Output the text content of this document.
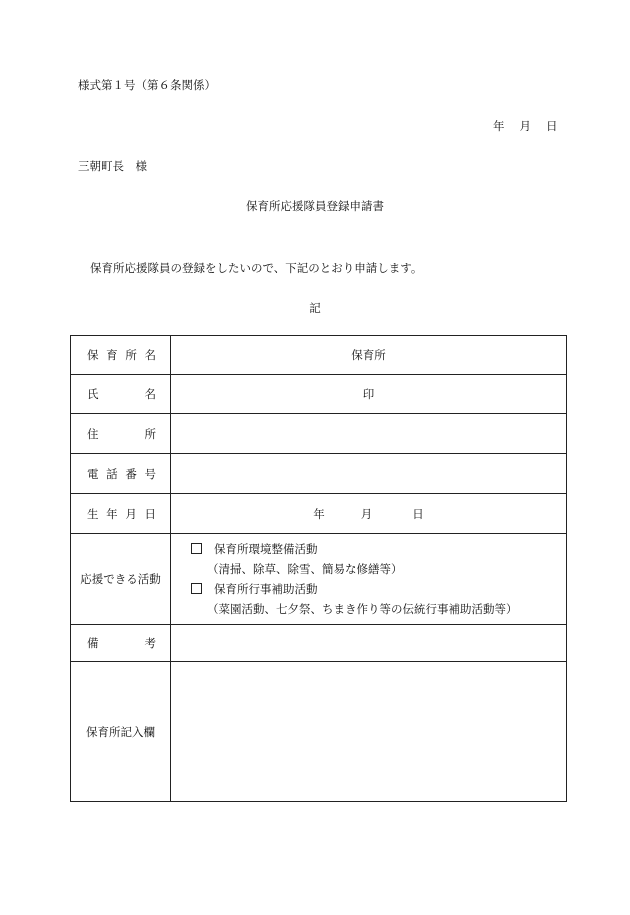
様式第１号（第６条関係）
年 月 日
三朝町長　様
保育所応援隊員登録申請書
保育所応援隊員の登録をしたいので、下記のとおり申請します。
記
保 育 所 名	保育所

氏 名	印

住 所	

電 話 番 号	

生 年 月 日	年 月 日

応援できる活動	保育所環境整備活動
（清掃、除草、除雪、簡易な修繕等）
保育所行事補助活動
（菜園活動、七夕祭、ちまき作り等の伝統行事補助活動等）

備 考	

保育所記入欄	
